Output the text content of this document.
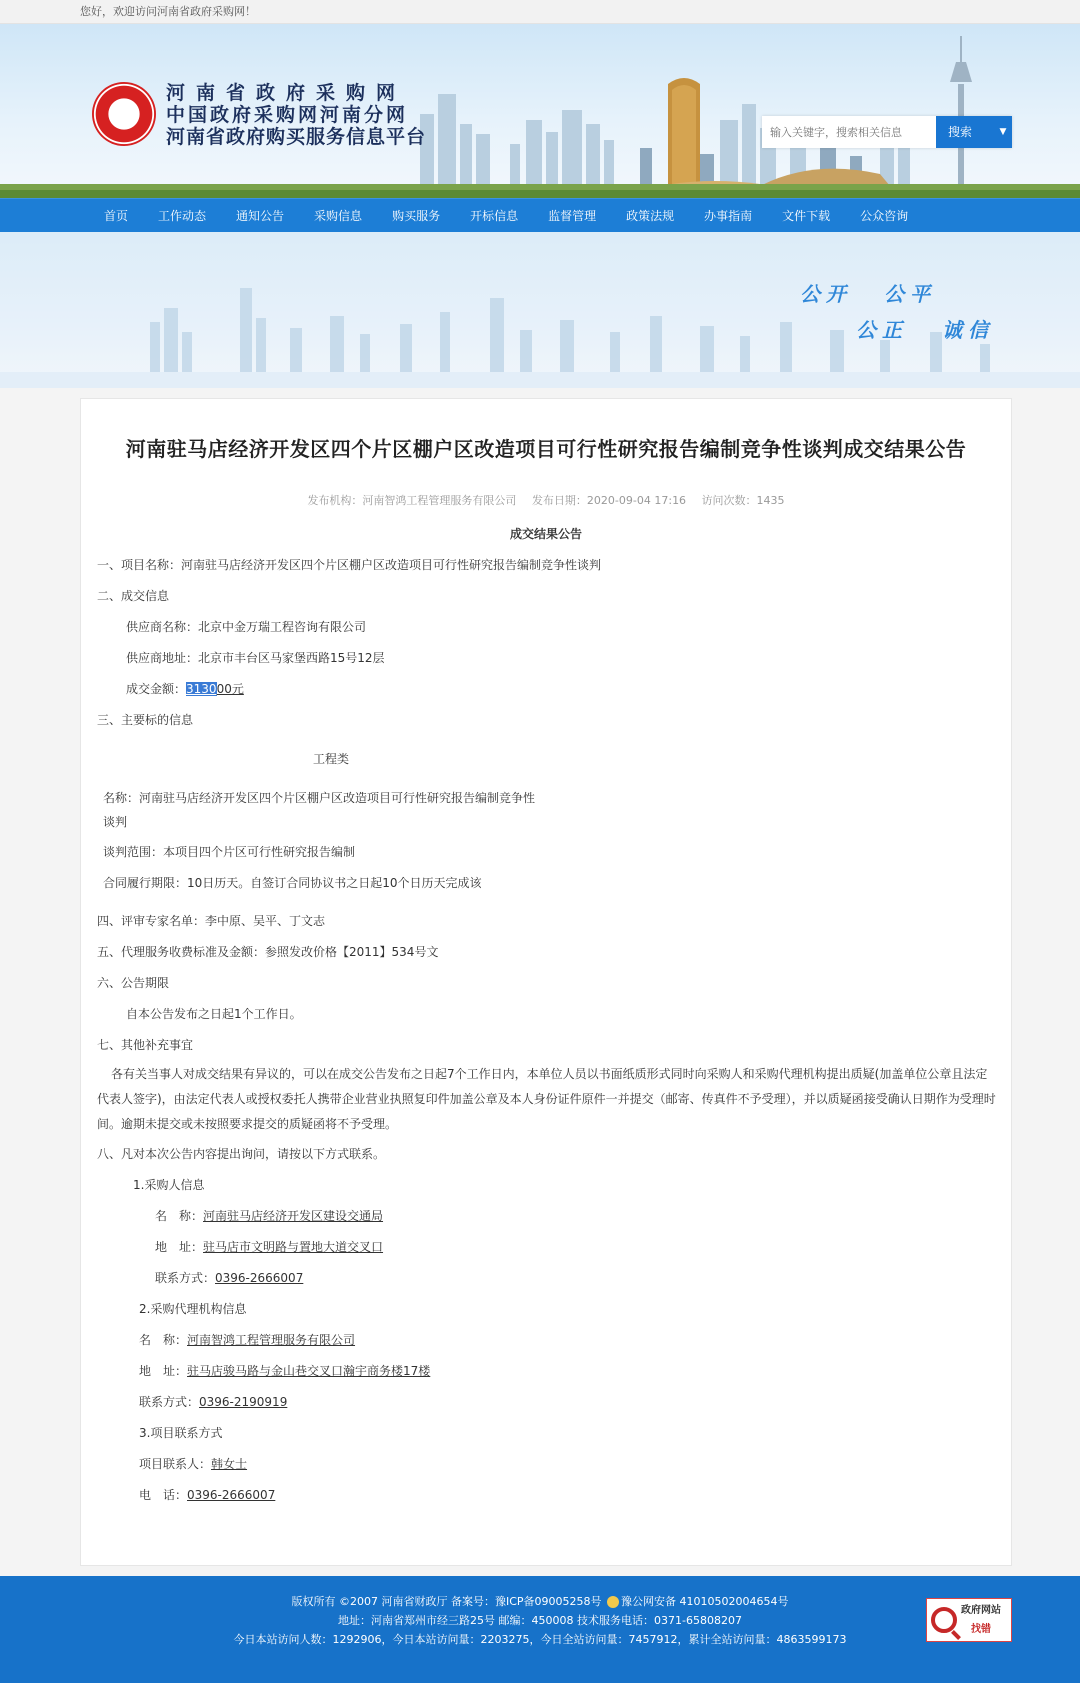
您好，欢迎访问河南省政府采购网！
河南省政府采购网
中国政府采购网河南分网
河南省政府购买服务信息平台
输入关键字，搜索相关信息	搜索	▼
首页	工作动态	通知公告	采购信息	购买服务	开标信息	监督管理	政策法规	办事指南	文件下载	公众咨询
公开 公平
公正 诚信
河南驻马店经济开发区四个片区棚户区改造项目可行性研究报告编制竞争性谈判成交结果公告
发布机构：河南智鸿工程管理服务有限公司 发布日期：2020-09-04 17:16 访问次数：1435
成交结果公告
一、项目名称：河南驻马店经济开发区四个片区棚户区改造项目可行性研究报告编制竞争性谈判
二、成交信息
供应商名称：北京中金万瑞工程咨询有限公司
供应商地址：北京市丰台区马家堡西路15号12层
成交金额：313000元
三、主要标的信息
工程类
名称：河南驻马店经济开发区四个片区棚户区改造项目可行性研究报告编制竞争性
谈判
谈判范围：本项目四个片区可行性研究报告编制
合同履行期限：10日历天。自签订合同协议书之日起10个日历天完成该
四、评审专家名单：李中原、吴平、丁文志
五、代理服务收费标准及金额：参照发改价格【2011】534号文
六、公告期限
自本公告发布之日起1个工作日。
七、其他补充事宜
各有关当事人对成交结果有异议的，可以在成交公告发布之日起7个工作日内，本单位人员以书面纸质形式同时向采购人和采购代理机构提出质疑(加盖单位公章且法定代表人签字)，由法定代表人或授权委托人携带企业营业执照复印件加盖公章及本人身份证件原件一并提交（邮寄、传真件不予受理），并以质疑函接受确认日期作为受理时间。逾期未提交或未按照要求提交的质疑函将不予受理。
八、凡对本次公告内容提出询问，请按以下方式联系。
1.采购人信息
名　称：河南驻马店经济开发区建设交通局
地　址：驻马店市文明路与置地大道交叉口
联系方式：0396-2666007
2.采购代理机构信息
名　称：河南智鸿工程管理服务有限公司
地　址：驻马店骏马路与金山巷交叉口瀚宇商务楼17楼
联系方式：0396-2190919
3.项目联系方式
项目联系人：韩女士
电　话：0396-2666007
版权所有 ©2007 河南省财政厅 备案号：豫ICP备09005258号 豫公网安备 41010502004654号
地址：河南省郑州市经三路25号 邮编：450008 技术服务电话：0371-65808207
今日本站访问人数：1292906，今日本站访问量：2203275，今日全站访问量：7457912，累计全站访问量：4863599173
政府网站
找错
